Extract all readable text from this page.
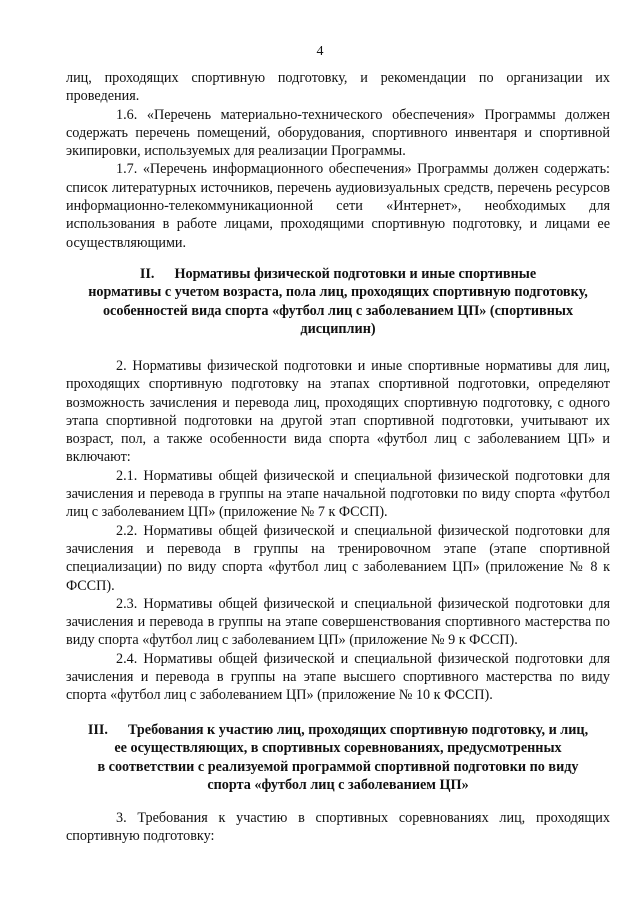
4

лиц, проходящих спортивную подготовку, и рекомендации по организации их проведения.

1.6. «Перечень материально-технического обеспечения» Программы должен содержать перечень помещений, оборудования, спортивного инвентаря и спортивной экипировки, используемых для реализации Программы.

1.7. «Перечень информационного обеспечения» Программы должен содержать: список литературных источников, перечень аудиовизуальных средств, перечень ресурсов информационно-телекоммуникационной сети «Интернет», необходимых для использования в работе лицами, проходящими спортивную подготовку, и лицами ее осуществляющими.

II. Нормативы физической подготовки и иные спортивные

нормативы с учетом возраста, пола лиц, проходящих спортивную подготовку,

особенностей вида спорта «футбол лиц с заболеванием ЦП» (спортивных

дисциплин)

2. Нормативы физической подготовки и иные спортивные нормативы для лиц, проходящих спортивную подготовку на этапах спортивной подготовки, определяют возможность зачисления и перевода лиц, проходящих спортивную подготовку, с одного этапа спортивной подготовки на другой этап спортивной подготовки, учитывают их возраст, пол, а также особенности вида спорта «футбол лиц с заболеванием ЦП» и включают:

2.1. Нормативы общей физической и специальной физической подготовки для зачисления и перевода в группы на этапе начальной подготовки по виду спорта «футбол лиц с заболеванием ЦП» (приложение № 7 к ФССП).

2.2. Нормативы общей физической и специальной физической подготовки для зачисления и перевода в группы на тренировочном этапе (этапе спортивной специализации) по виду спорта «футбол лиц с заболеванием ЦП» (приложение № 8 к ФССП).

2.3. Нормативы общей физической и специальной физической подготовки для зачисления и перевода в группы на этапе совершенствования спортивного мастерства по виду спорта «футбол лиц с заболеванием ЦП» (приложение № 9 к ФССП).

2.4. Нормативы общей физической и специальной физической подготовки для зачисления и перевода в группы на этапе высшего спортивного мастерства по виду спорта «футбол лиц с заболеванием ЦП» (приложение № 10 к ФССП).

III. Требования к участию лиц, проходящих спортивную подготовку, и лиц,

ее осуществляющих, в спортивных соревнованиях, предусмотренных

в соответствии с реализуемой программой спортивной подготовки по виду

спорта «футбол лиц с заболеванием ЦП»

3. Требования к участию в спортивных соревнованиях лиц, проходящих спортивную подготовку:
